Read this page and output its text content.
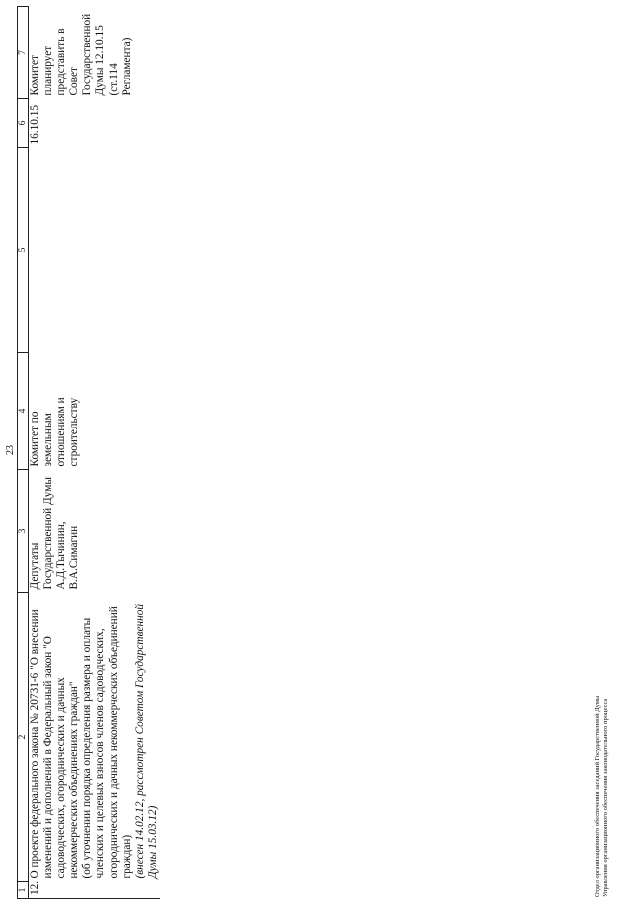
23
1	2	3	4	5	6	7
12.	О проекте федерального закона № 20731-6 "О внесении изменений и дополнений в Федеральный закон "О садоводческих, огороднических и дачных некоммерческих объединениях граждан" (об уточнении порядка определения размера и оплаты членских и целевых взносов членов садоводческих, огороднических и дачных некоммерческих объединений граждан) (внесен 14.02.12, рассмотрен Советом Государственной Думы 15.03.12)	Депутаты Государственной Думы А.Д.Тычинин, В.А.Симагин	Комитет по земельным отношениям и строительству		16.10.15	Комитет планирует представить в Совет Государственной Думы 12.10.15 (ст.114 Регламента)
Отдел организационного обеспечения заседаний Государственной Думы Управления организационного обеспечения законодательного процесса
